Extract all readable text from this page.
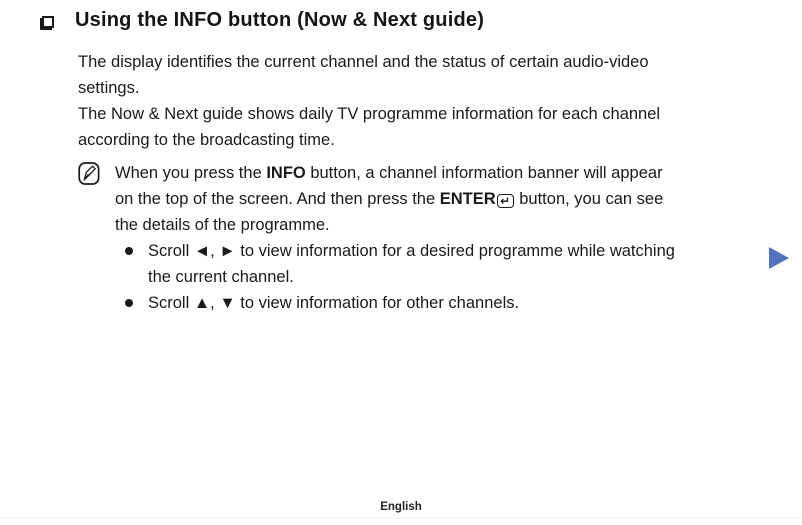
Using the INFO button (Now & Next guide)
The display identifies the current channel and the status of certain audio-video
settings.
The Now & Next guide shows daily TV programme information for each channel
according to the broadcasting time.
When you press the INFO button, a channel information banner will appear
on the top of the screen. And then press the ENTER ↵ button, you can see
the details of the programme.
Scroll ◄, ► to view information for a desired programme while watching
the current channel.
Scroll ▲, ▼ to view information for other channels.
English
